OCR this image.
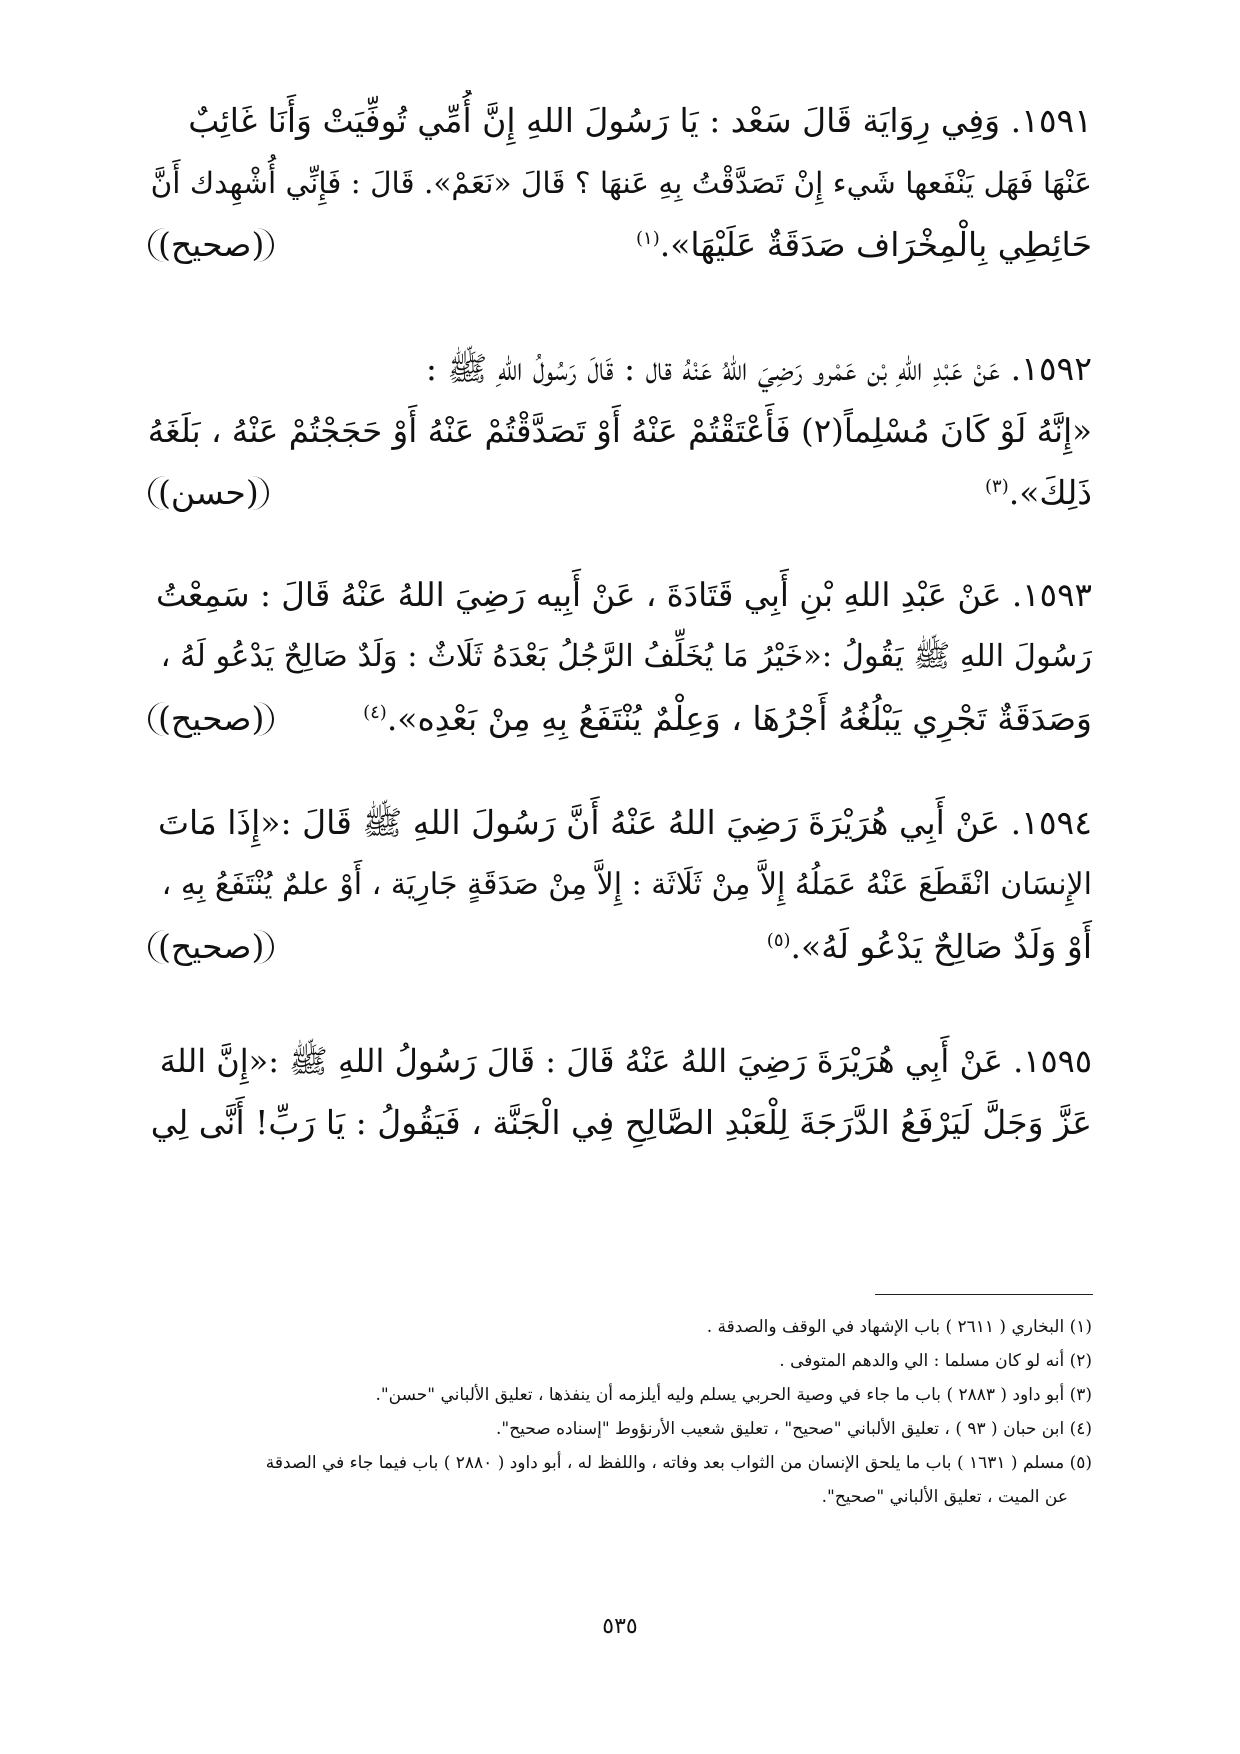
١٥٩١. وَفِي رِوَايَة قَالَ سَعْد : يَا رَسُولَ اللهِ إِنَّ أُمِّي تُوفِّيَتْ وَأَنَا غَائِبٌ
عَنْهَا فَهَل يَنْفَعها شَيء إِنْ تَصَدَّقْتُ بِهِ عَنهَا ؟ قَالَ «نَعَمْ». قَالَ : فَإِنِّي أُشْهِدك أَنَّ
حَائِطِي بِالْمِخْرَاف صَدَقَةٌ عَلَيْهَا».$^{(١)}$
(صحيح)
١٥٩٢. عَنْ عَبْدِ اللهِ بْن عَمْرو رَضِيَ اللهُ عَنْهُ قال : قَالَ رَسُولُ اللهِ ﷺ :
«إِنَّهُ لَوْ كَانَ مُسْلِماً(٢) فَأَعْتَقْتُمْ عَنْهُ أَوْ تَصَدَّقْتُمْ عَنْهُ أَوْ حَجَجْتُمْ عَنْهُ ، بَلَغَهُ
ذَلِكَ».$^{(٣)}$
(حسن)
١٥٩٣. عَنْ عَبْدِ اللهِ بْنِ أَبِي قَتَادَةَ ، عَنْ أَبِيه رَضِيَ اللهُ عَنْهُ قَالَ : سَمِعْتُ
رَسُولَ اللهِ ﷺ يَقُولُ :«خَيْرُ مَا يُخَلِّفُ الرَّجُلُ بَعْدَهُ ثَلَاثٌ : وَلَدٌ صَالِحٌ يَدْعُو لَهُ ،
وَصَدَقَةٌ تَجْرِي يَبْلُغُهُ أَجْرُهَا ، وَعِلْمٌ يُنْتَفَعُ بِهِ مِنْ بَعْدِه».$^{(٤)}$
(صحيح)
١٥٩٤. عَنْ أَبِي هُرَيْرَةَ رَضِيَ اللهُ عَنْهُ أَنَّ رَسُولَ اللهِ ﷺ قَالَ :«إِذَا مَاتَ
الإِنسَان انْقَطَعَ عَنْهُ عَمَلُهُ إِلاَّ مِنْ ثَلَاثَة : إِلاَّ مِنْ صَدَقَةٍ جَارِيَة ، أَوْ علمٌ يُنْتَفَعُ بِهِ ،
أَوْ وَلَدٌ صَالِحٌ يَدْعُو لَهُ».$^{(٥)}$
(صحيح)
١٥٩٥. عَنْ أَبِي هُرَيْرَةَ رَضِيَ اللهُ عَنْهُ قَالَ : قَالَ رَسُولُ اللهِ ﷺ :«إِنَّ اللهَ
عَزَّ وَجَلَّ لَيَرْفَعُ الدَّرَجَةَ لِلْعَبْدِ الصَّالِحِ فِي الْجَنَّة ، فَيَقُولُ : يَا رَبِّ! أَنَّى لِي
(١) البخاري ( ٢٦١١ ) باب الإشهاد في الوقف والصدقة .
(٢) أنه لو كان مسلما : الي والدهم المتوفى .
(٣) أبو داود ( ٢٨٨٣ ) باب ما جاء في وصية الحربي يسلم وليه أيلزمه أن ينفذها ، تعليق الألباني "حسن".
(٤) ابن حبان ( ٩٣ ) ، تعليق الألباني "صحيح" ، تعليق شعيب الأرنؤوط "إسناده صحيح".
(٥) مسلم ( ١٦٣١ ) باب ما يلحق الإنسان من الثواب بعد وفاته ، واللفظ له ، أبو داود ( ٢٨٨٠ ) باب فيما جاء في الصدقة
عن الميت ، تعليق الألباني "صحيح".
٥٣٥
